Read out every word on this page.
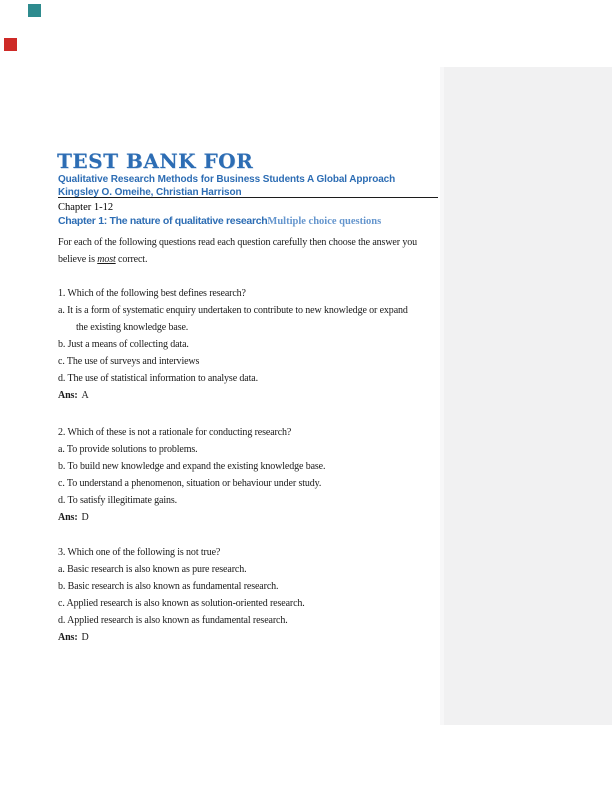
TEST BANK FOR
Qualitative Research Methods for Business Students A Global Approach
Kingsley O. Omeihe, Christian Harrison
Chapter 1-12
Chapter 1: The nature of qualitative researchMultiple choice questions
For each of the following questions read each question carefully then choose the answer you
believe is most correct.
1. Which of the following best defines research?
a. It is a form of systematic enquiry undertaken to contribute to new knowledge or expand
the existing knowledge base.
b. Just a means of collecting data.
c. The use of surveys and interviews
d. The use of statistical information to analyse data.
Ans: A
2. Which of these is not a rationale for conducting research?
a. To provide solutions to problems.
b. To build new knowledge and expand the existing knowledge base.
c. To understand a phenomenon, situation or behaviour under study.
d. To satisfy illegitimate gains.
Ans: D
3. Which one of the following is not true?
a. Basic research is also known as pure research.
b. Basic research is also known as fundamental research.
c. Applied research is also known as solution-oriented research.
d. Applied research is also known as fundamental research.
Ans: D
